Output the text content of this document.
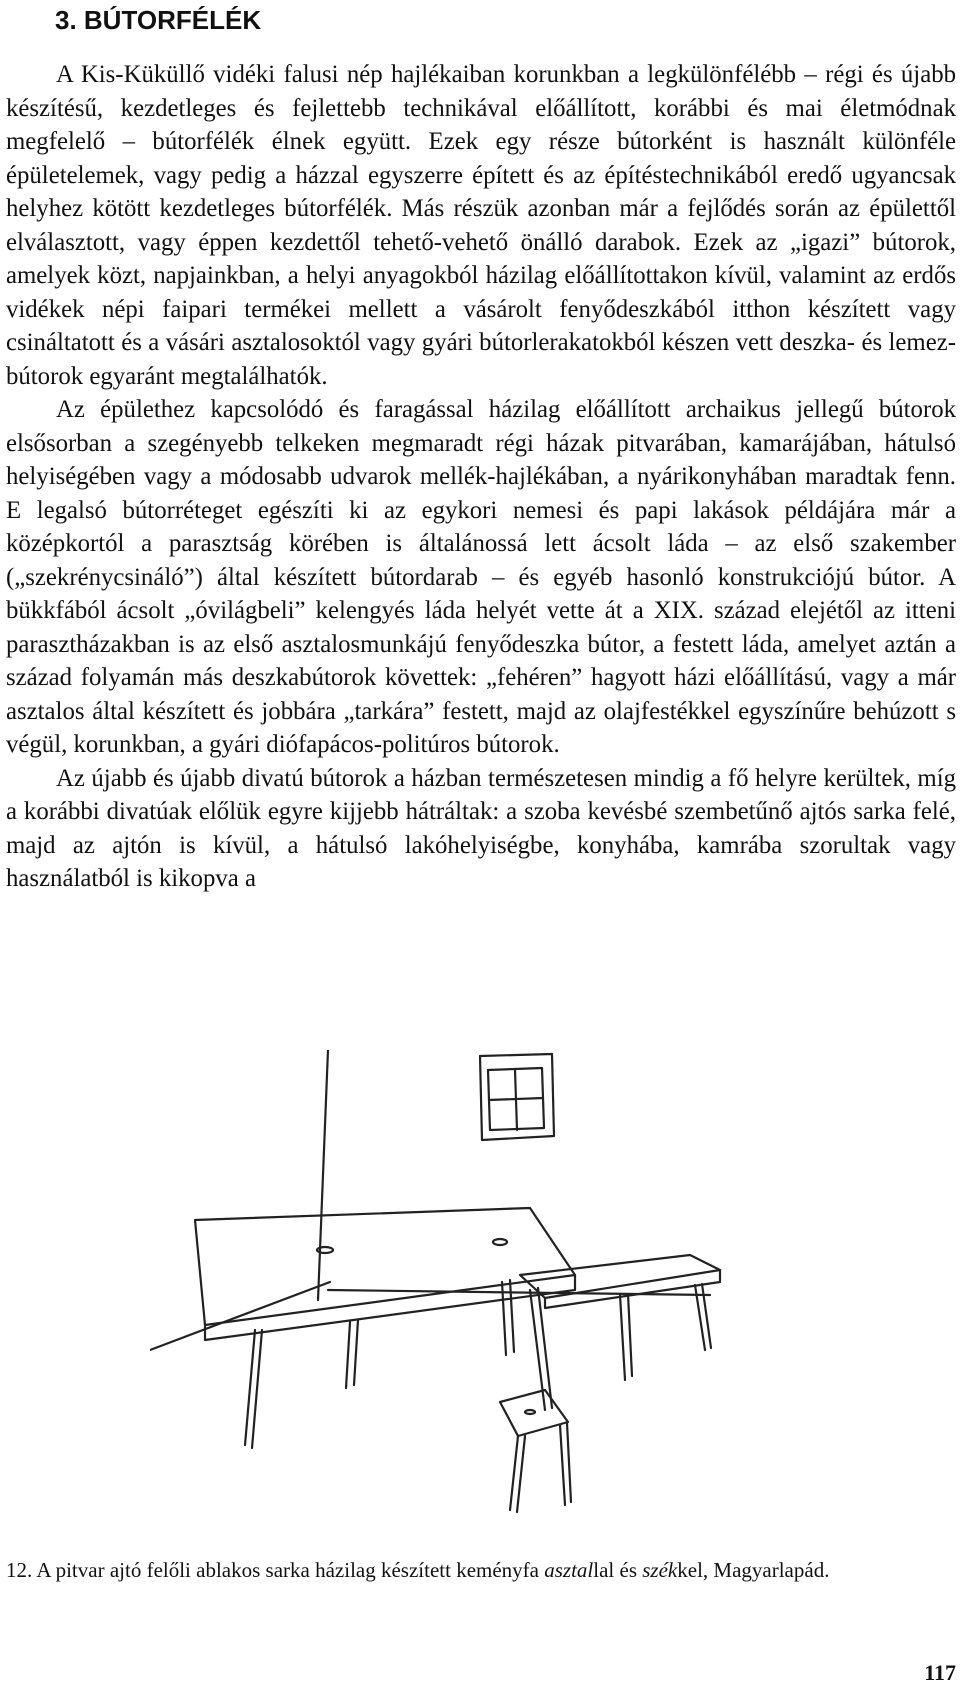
3. BÚTORFÉLÉK

A Kis-Küküllő vidéki falusi nép hajlékaiban korunkban a legkülönfélébb – régi és újabb készítésű, kezdetleges és fejlettebb technikával előállított, korábbi és mai életmódnak megfelelő – bútorfélék élnek együtt. Ezek egy része bútorként is használt különféle épületelemek, vagy pedig a házzal egyszerre épített és az építéstechnikából eredő ugyancsak helyhez kötött kezdetleges bútorfélék. Más részük azonban már a fejlődés során az épülettől elválasztott, vagy éppen kezdettől tehető-vehető önálló darabok. Ezek az „igazi” bútorok, amelyek közt, napjainkban, a helyi anyagokból házilag előállítottakon kívül, valamint az erdős vidékek népi faipari termékei mellett a vásárolt fenyődeszkából itthon készített vagy csináltatott és a vásári asztalosoktól vagy gyári bútorlerakatokból készen vett deszka- és lemez-bútorok egyaránt megtalálhatók.

Az épülethez kapcsolódó és faragással házilag előállított archaikus jellegű bútorok elsősorban a szegényebb telkeken megmaradt régi házak pitvarában, kamarájában, hátulsó helyiségében vagy a módosabb udvarok mellék-hajlékában, a nyárikonyhában maradtak fenn. E legalsó bútorréteget egészíti ki az egykori nemesi és papi lakások példájára már a középkortól a parasztság körében is általánossá lett ácsolt láda – az első szakember („szekrénycsináló”) által készített bútordarab – és egyéb hasonló konstrukciójú bútor. A bükkfából ácsolt „óvilágbeli” kelengyés láda helyét vette át a XIX. század elejétől az itteni parasztházakban is az első asztalosmunkájú fenyődeszka bútor, a festett láda, amelyet aztán a század folyamán más deszkabútorok követtek: „fehéren” hagyott házi előállítású, vagy a már asztalos által készített és jobbára „tarkára” festett, majd az olajfestékkel egyszínűre behúzott s végül, korunkban, a gyári diófapácos-politúros bútorok.

Az újabb és újabb divatú bútorok a házban természetesen mindig a fő helyre kerültek, míg a korábbi divatúak előlük egyre kijjebb hátráltak: a szoba kevésbé szembetűnő ajtós sarka felé, majd az ajtón is kívül, a hátulsó lakóhelyiségbe, konyhába, kamrába szorultak vagy használatból is kikopva a

12. A pitvar ajtó felőli ablakos sarka házilag készített keményfa asztallal és székkel, Magyarlapád.

117
